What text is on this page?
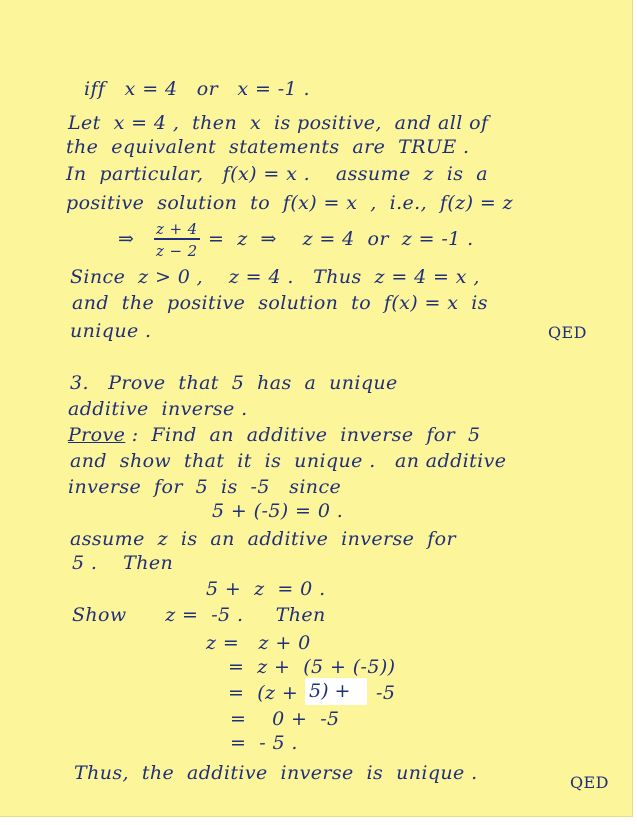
iff   x = 4   or   x = -1 .
Let  x = 4 ,  then  x  is positive,  and all of
the  equivalent  statements  are  TRUE .
In  particular,   f(x) = x .    assume  z  is  a
positive  solution  to  f(x) = x  ,  i.e.,  f(z) = z
⇒ z + 4
z − 2
=  z  ⇒    z = 4  or  z = -1 .
Since  z > 0 ,    z = 4 .   Thus  z = 4 = x ,
and  the  positive  solution  to  f(x) = x  is
unique .	QED
3.   Prove  that  5  has  a  unique
additive  inverse .
Prove :  Find  an  additive  inverse  for  5
and  show  that  it  is  unique .   an additive
inverse  for  5  is  -5   since
5 + (-5) = 0 .
assume  z  is  an  additive  inverse  for
5 .    Then
5 +  z  = 0 .
Show      z =  -5 .     Then
z =   z + 0
=  z +  (5 + (-5))
=  (z + 5) + -5
=    0 +  -5
=  - 5 .
Thus,  the  additive  inverse  is  unique .	QED
